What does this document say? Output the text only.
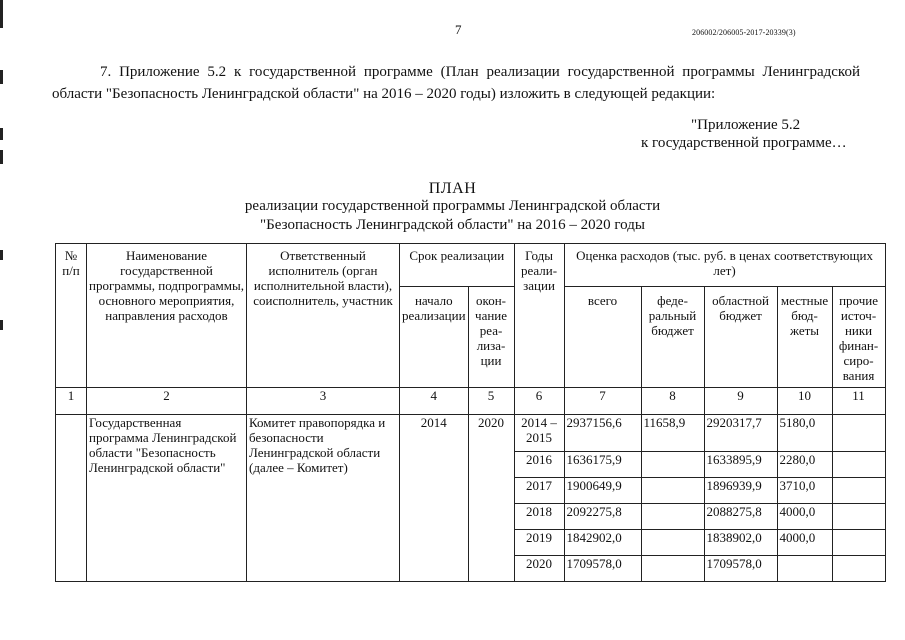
7	206002/206005-2017-20339(3)
7. Приложение 5.2 к государственной программе (План реализации государственной программы Ленинградской области "Безопасность Ленинградской области" на 2016 – 2020 годы) изложить в следующей редакции:
"Приложение 5.2
к государственной программе…
ПЛАН
реализации государственной программы Ленинградской области
"Безопасность Ленинградской области" на 2016 – 2020 годы
№ п/п	Наименование государственной программы, подпрограммы, основного мероприятия, направления расходов	Ответственный исполнитель (орган исполнительной власти), соисполнитель, участник	Срок реализации		Годы реали-зации	Оценка расходов (тыс. руб. в ценах соответствующих лет)				
			начало реализации	окон-чание реа-лиза-ции		всего	феде-ральный бюджет	областной бюджет	местные бюд-жеты	прочие источ-ники финан-сиро-вания
1	2	3	4	5	6	7	8	9	10	11
	Государственная программа Ленинградской области "Безопасность Ленинградской области"	Комитет правопорядка и безопасности Ленинградской области (далее – Комитет)	2014	2020	2014 – 2015	2937156,6	11658,9	2920317,7	5180,0	
					2016	1636175,9		1633895,9	2280,0	
					2017	1900649,9		1896939,9	3710,0	
					2018	2092275,8		2088275,8	4000,0	
					2019	1842902,0		1838902,0	4000,0	
					2020	1709578,0		1709578,0		
